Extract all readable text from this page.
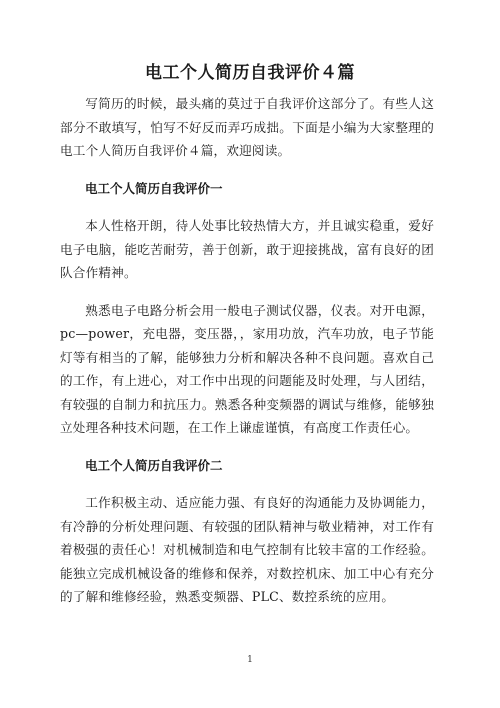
电工个人简历自我评价４篇

写简历的时候，最头痛的莫过于自我评价这部分了。有些人这部分不敢填写，怕写不好反而弄巧成拙。下面是小编为大家整理的电工个人简历自我评价４篇，欢迎阅读。

电工个人简历自我评价一

本人性格开朗，待人处事比较热情大方，并且诚实稳重，爱好电子电脑，能吃苦耐劳，善于创新，敢于迎接挑战，富有良好的团队合作精神。

熟悉电子电路分析会用一般电子测试仪器，仪表。对开电源，pc—power，充电器，变压器，，家用功放，汽车功放，电子节能灯等有相当的了解，能够独力分析和解决各种不良问题。喜欢自己的工作，有上进心，对工作中出现的问题能及时处理，与人团结，有较强的自制力和抗压力。熟悉各种变频器的调试与维修，能够独立处理各种技术问题，在工作上谦虚谨慎，有高度工作责任心。

电工个人简历自我评价二

工作积极主动、适应能力强、有良好的沟通能力及协调能力，有冷静的分析处理问题、有较强的团队精神与敬业精神，对工作有着极强的责任心！对机械制造和电气控制有比较丰富的工作经验。能独立完成机械设备的维修和保养，对数控机床、加工中心有充分的了解和维修经验，熟悉变频器、PLC、数控系统的应用。

1
